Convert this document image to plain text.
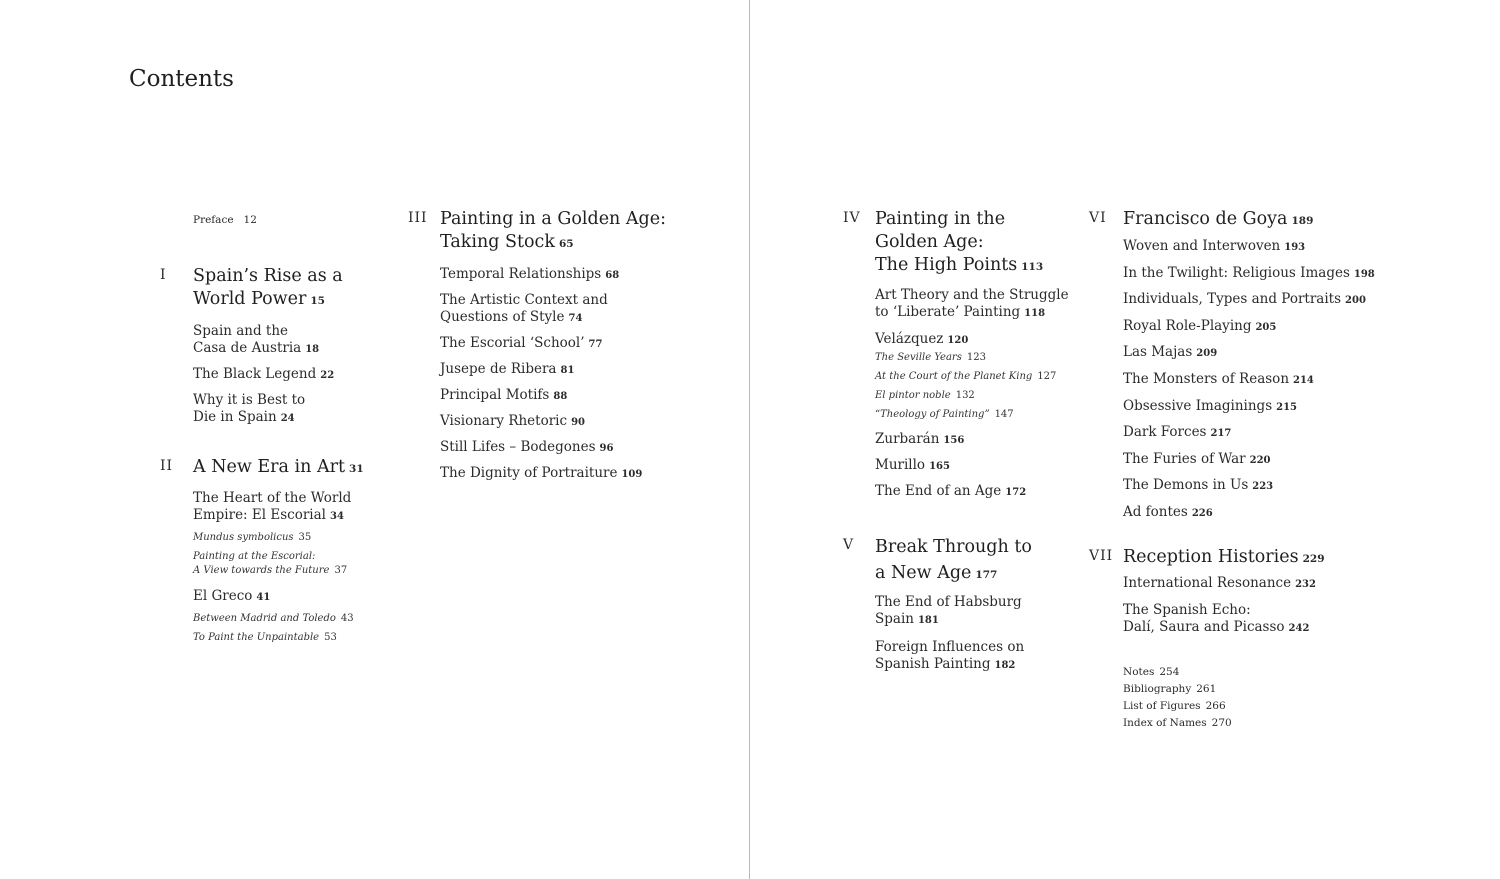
Contents
Preface 12
I Spain’s Rise as a
World Power 15
Spain and the
Casa de Austria 18
The Black Legend 22
Why it is Best to
Die in Spain 24
II A New Era in Art 31
The Heart of the World
Empire: El Escorial 34
Mundus symbolicus 35
Painting at the Escorial:
A View towards the Future 37
El Greco 41
Between Madrid and Toledo 43
To Paint the Unpaintable 53
III Painting in a Golden Age:
Taking Stock 65
Temporal Relationships 68
The Artistic Context and
Questions of Style 74
The Escorial ‘School’ 77
Jusepe de Ribera 81
Principal Motifs 88
Visionary Rhetoric 90
Still Lifes – Bodegones 96
The Dignity of Portraiture 109
IV Painting in the
Golden Age:
The High Points 113
Art Theory and the Struggle
to ‘Liberate’ Painting 118
Velázquez 120
The Seville Years 123
At the Court of the Planet King 127
El pintor noble 132
“Theology of Painting” 147
Zurbarán 156
Murillo 165
The End of an Age 172
V Break Through to
a New Age 177
The End of Habsburg
Spain 181
Foreign Influences on
Spanish Painting 182
VI Francisco de Goya 189
Woven and Interwoven 193
In the Twilight: Religious Images 198
Individuals, Types and Portraits 200
Royal Role-Playing 205
Las Majas 209
The Monsters of Reason 214
Obsessive Imaginings 215
Dark Forces 217
The Furies of War 220
The Demons in Us 223
Ad fontes 226
VII Reception Histories 229
International Resonance 232
The Spanish Echo:
Dalí, Saura and Picasso 242
Notes 254
Bibliography 261
List of Figures 266
Index of Names 270
